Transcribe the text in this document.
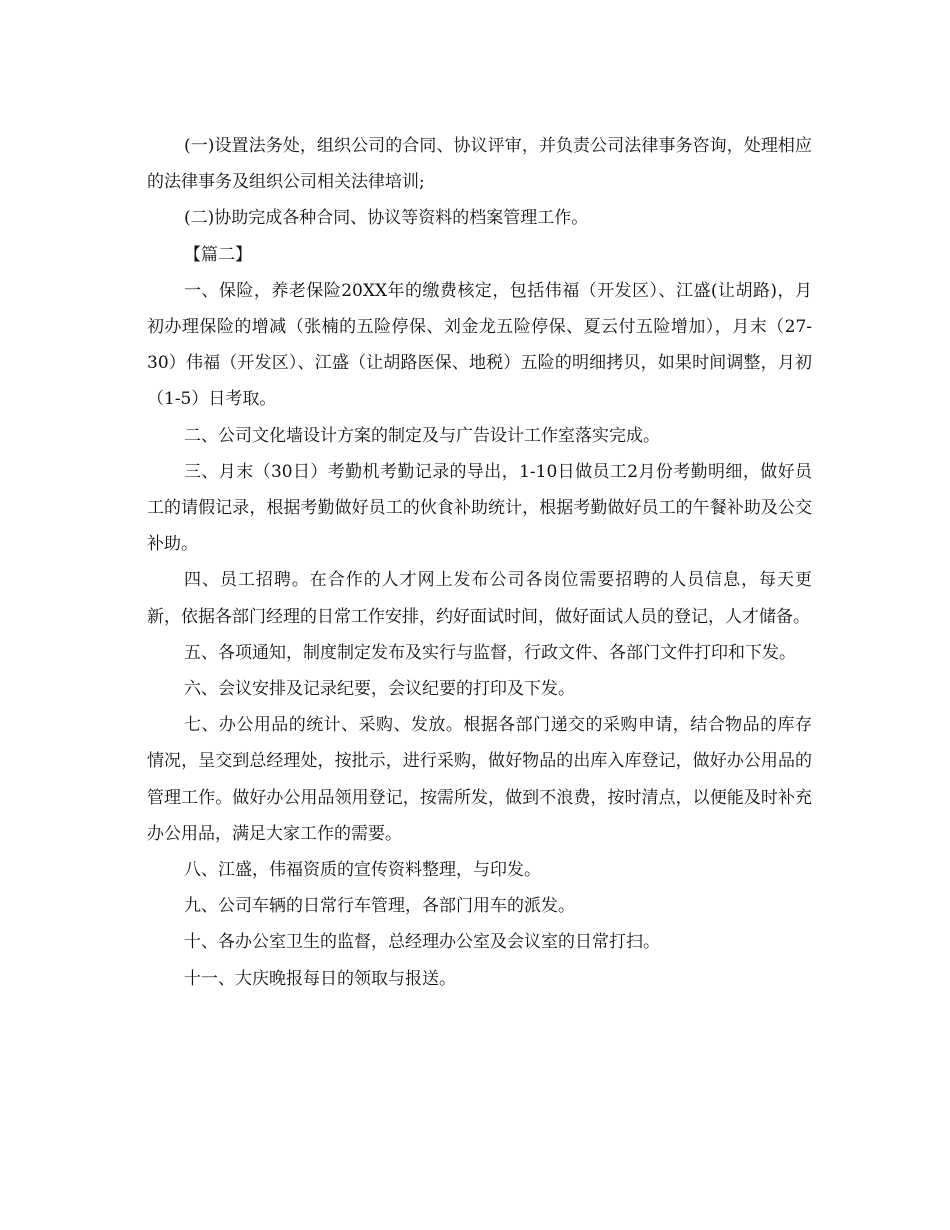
(一)设置法务处，组织公司的合同、协议评审，并负责公司法律事务咨询，处理相应的法律事务及组织公司相关法律培训;

(二)协助完成各种合同、协议等资料的档案管理工作。

【篇二】

一、保险，养老保险20XX年的缴费核定，包括伟福（开发区）、江盛(让胡路)，月初办理保险的增减（张楠的五险停保、刘金龙五险停保、夏云付五险增加），月末（27-30）伟福（开发区）、江盛（让胡路医保、地税）五险的明细拷贝，如果时间调整，月初（1-5）日考取。

二、公司文化墙设计方案的制定及与广告设计工作室落实完成。

三、月末（30日）考勤机考勤记录的导出，1-10日做员工2月份考勤明细，做好员工的请假记录，根据考勤做好员工的伙食补助统计，根据考勤做好员工的午餐补助及公交补助。

四、员工招聘。在合作的人才网上发布公司各岗位需要招聘的人员信息，每天更新，依据各部门经理的日常工作安排，约好面试时间，做好面试人员的登记，人才储备。

五、各项通知，制度制定发布及实行与监督，行政文件、各部门文件打印和下发。

六、会议安排及记录纪要，会议纪要的打印及下发。

七、办公用品的统计、采购、发放。根据各部门递交的采购申请，结合物品的库存情况，呈交到总经理处，按批示，进行采购，做好物品的出库入库登记，做好办公用品的管理工作。做好办公用品领用登记，按需所发，做到不浪费，按时清点，以便能及时补充办公用品，满足大家工作的需要。

八、江盛，伟福资质的宣传资料整理，与印发。

九、公司车辆的日常行车管理，各部门用车的派发。

十、各办公室卫生的监督，总经理办公室及会议室的日常打扫。

十一、大庆晚报每日的领取与报送。
